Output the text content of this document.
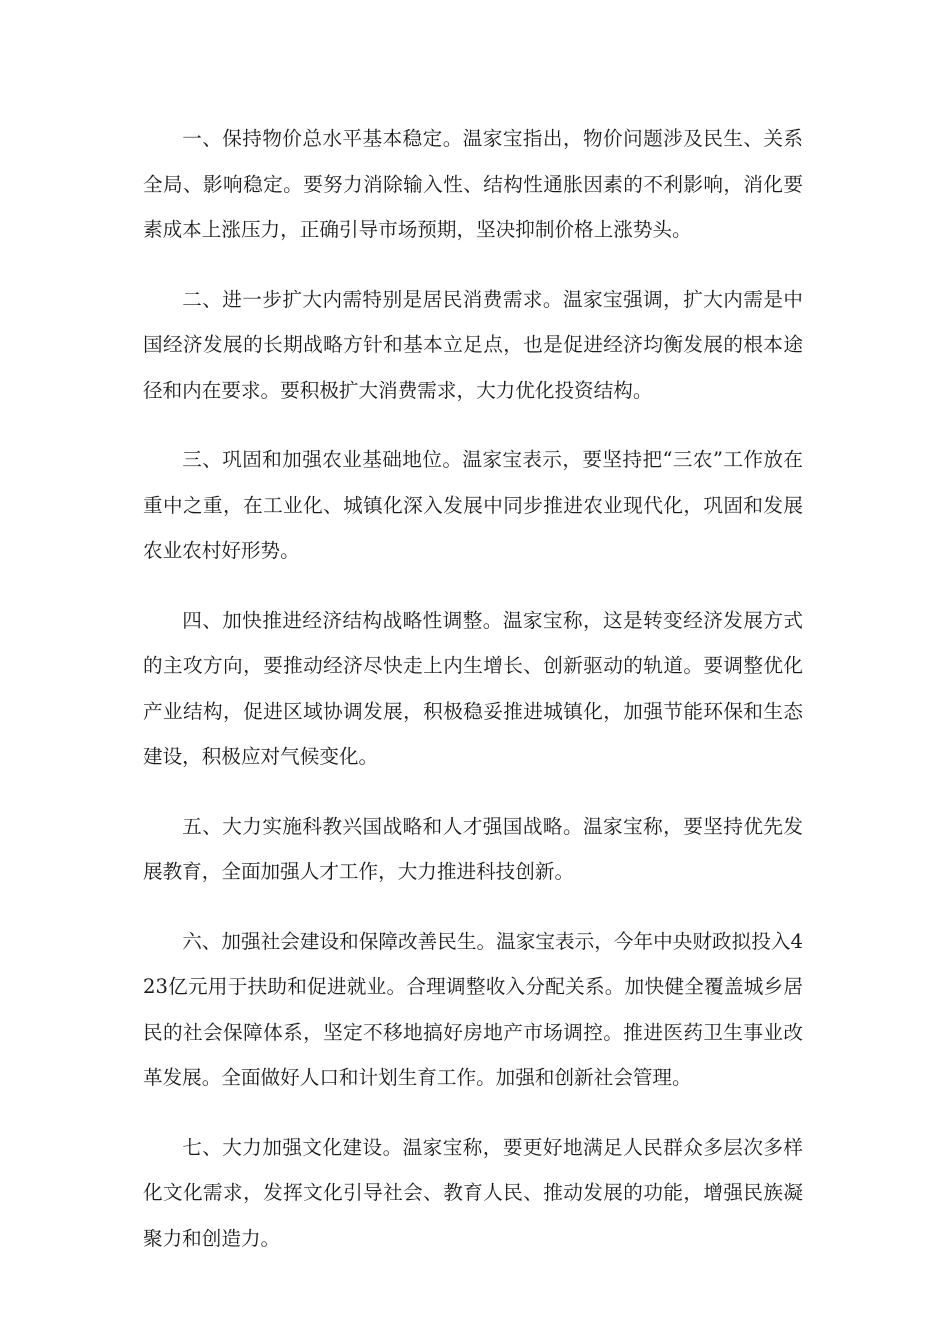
一、保持物价总水平基本稳定。温家宝指出，物价问题涉及民生、关系全局、影响稳定。要努力消除输入性、结构性通胀因素的不利影响，消化要素成本上涨压力，正确引导市场预期，坚决抑制价格上涨势头。

二、进一步扩大内需特别是居民消费需求。温家宝强调，扩大内需是中国经济发展的长期战略方针和基本立足点，也是促进经济均衡发展的根本途径和内在要求。要积极扩大消费需求，大力优化投资结构。

三、巩固和加强农业基础地位。温家宝表示，要坚持把“三农”工作放在重中之重，在工业化、城镇化深入发展中同步推进农业现代化，巩固和发展农业农村好形势。

四、加快推进经济结构战略性调整。温家宝称，这是转变经济发展方式的主攻方向，要推动经济尽快走上内生增长、创新驱动的轨道。要调整优化产业结构，促进区域协调发展，积极稳妥推进城镇化，加强节能环保和生态建设，积极应对气候变化。

五、大力实施科教兴国战略和人才强国战略。温家宝称，要坚持优先发展教育，全面加强人才工作，大力推进科技创新。

六、加强社会建设和保障改善民生。温家宝表示，今年中央财政拟投入423亿元用于扶助和促进就业。合理调整收入分配关系。加快健全覆盖城乡居民的社会保障体系，坚定不移地搞好房地产市场调控。推进医药卫生事业改革发展。全面做好人口和计划生育工作。加强和创新社会管理。

七、大力加强文化建设。温家宝称，要更好地满足人民群众多层次多样化文化需求，发挥文化引导社会、教育人民、推动发展的功能，增强民族凝聚力和创造力。
